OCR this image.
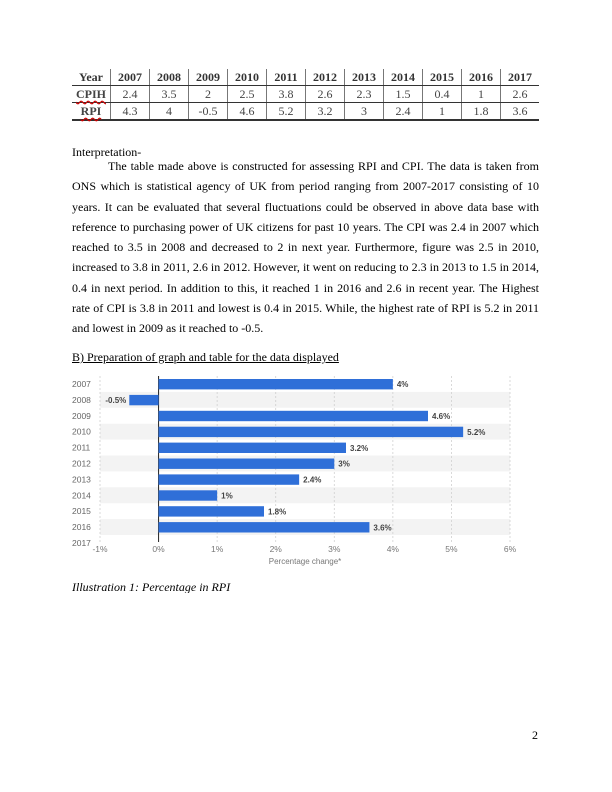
Year	2007	2008	2009	2010	2011	2012	2013	2014	2015	2016	2017
CPIH	2.4	3.5	2	2.5	3.8	2.6	2.3	1.5	0.4	1	2.6
RPI	4.3	4	-0.5	4.6	5.2	3.2	3	2.4	1	1.8	3.6
Interpretation-

The table made above is constructed for assessing RPI and CPI. The data is taken from ONS which is statistical agency of UK from period ranging from 2007-2017 consisting of 10 years. It can be evaluated that several fluctuations could be observed in above data base with reference to purchasing power of UK citizens for past 10 years. The CPI was 2.4 in 2007 which reached to 3.5 in 2008 and decreased to 2 in next year. Furthermore, figure was 2.5 in 2010, increased to 3.8 in 2011, 2.6 in 2012. However, it went on reducing to 2.3 in 2013 to 1.5 in 2014, 0.4 in next period. In addition to this, it reached 1 in 2016 and 2.6 in recent year. The Highest rate of CPI is 3.8 in 2011 and lowest is 0.4 in 2015. While, the highest rate of RPI is 5.2 in 2011 and lowest in 2009 as it reached to -0.5.

B) Preparation of graph and table for the data displayed
2007
2008
2009
2010
2011
2012
2013
2014
2015
2016
2017
4%
-0.5%
4.6%
5.2%
3.2%
3%
2.4%
1%
1.8%
3.6%
-1%	0%	1%	2%	3%	4%	5%	6%
Percentage change*
Illustration 1: Percentage in RPI
2
